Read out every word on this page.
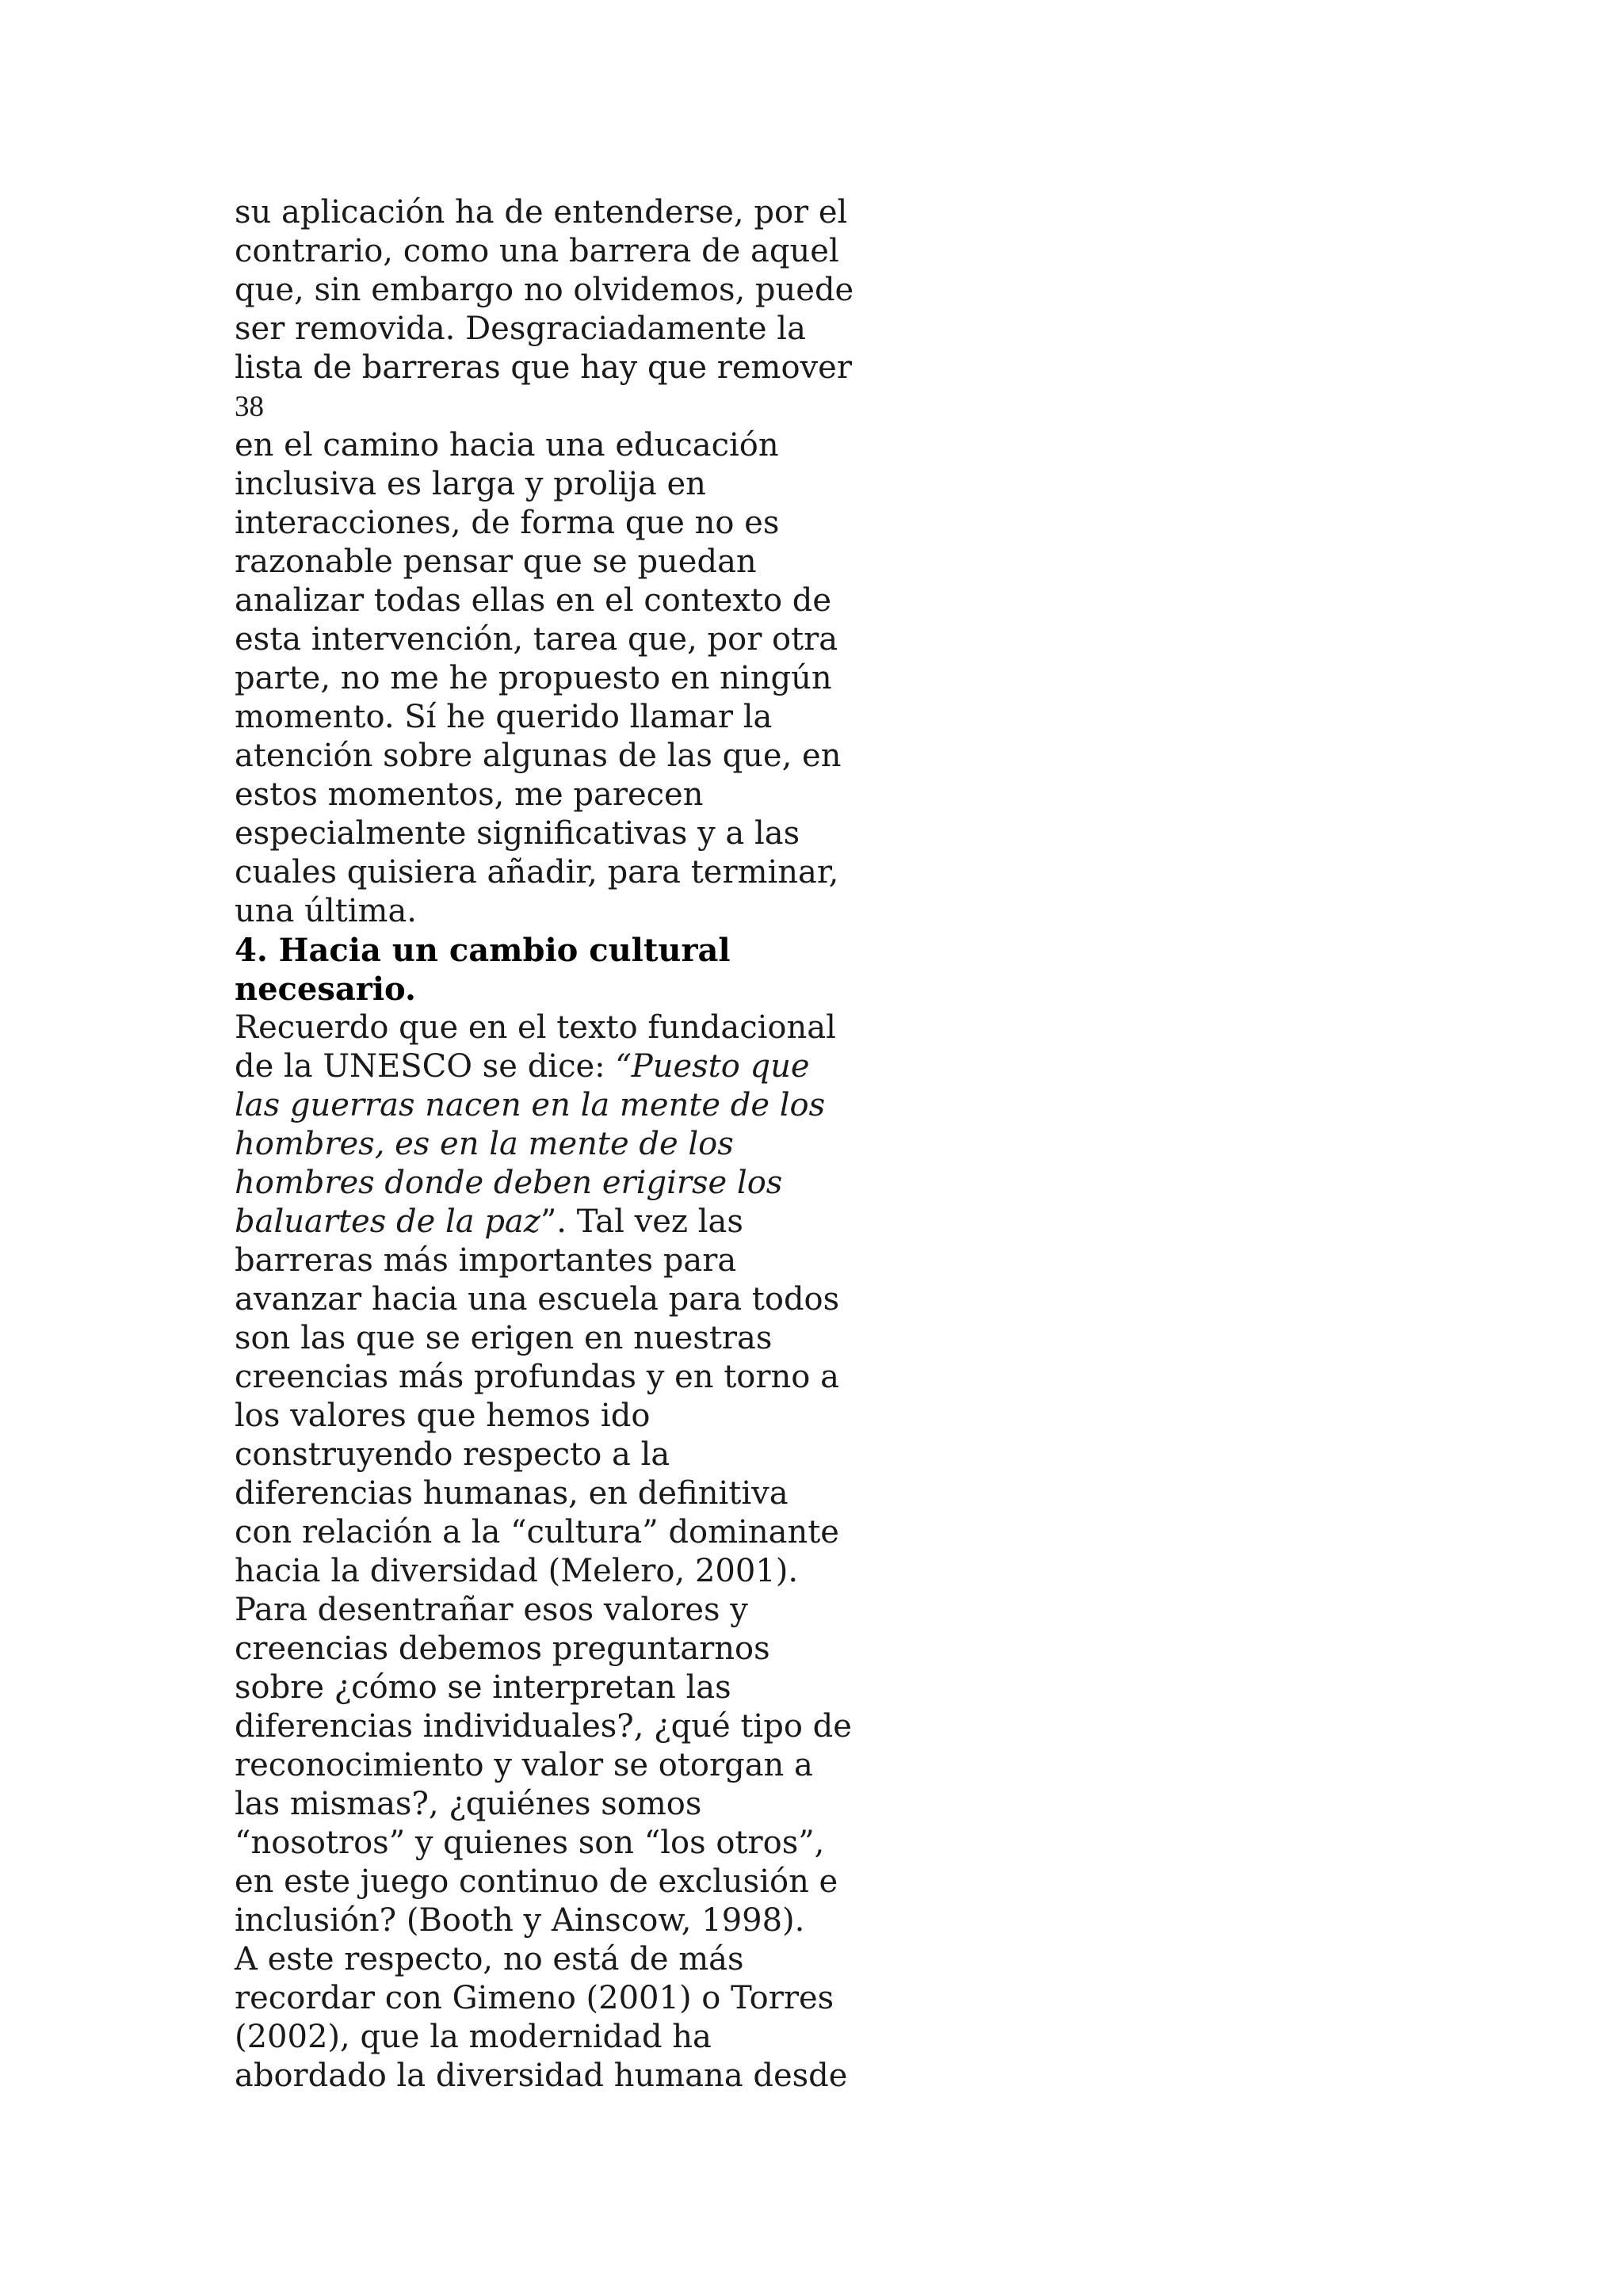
su aplicación ha de entenderse, por el
contrario, como una barrera de aquel
que, sin embargo no olvidemos, puede
ser removida. Desgraciadamente la
lista de barreras que hay que remover
38
en el camino hacia una educación
inclusiva es larga y prolija en
interacciones, de forma que no es
razonable pensar que se puedan
analizar todas ellas en el contexto de
esta intervención, tarea que, por otra
parte, no me he propuesto en ningún
momento. Sí he querido llamar la
atención sobre algunas de las que, en
estos momentos, me parecen
especialmente significativas y a las
cuales quisiera añadir, para terminar,
una última.
4. Hacia un cambio cultural
necesario.
Recuerdo que en el texto fundacional
de la UNESCO se dice: “Puesto que
las guerras nacen en la mente de los
hombres, es en la mente de los
hombres donde deben erigirse los
baluartes de la paz”. Tal vez las
barreras más importantes para
avanzar hacia una escuela para todos
son las que se erigen en nuestras
creencias más profundas y en torno a
los valores que hemos ido
construyendo respecto a la
diferencias humanas, en definitiva
con relación a la “cultura” dominante
hacia la diversidad (Melero, 2001).
Para desentrañar esos valores y
creencias debemos preguntarnos
sobre ¿cómo se interpretan las
diferencias individuales?, ¿qué tipo de
reconocimiento y valor se otorgan a
las mismas?, ¿quiénes somos
“nosotros” y quienes son “los otros”,
en este juego continuo de exclusión e
inclusión? (Booth y Ainscow, 1998).
A este respecto, no está de más
recordar con Gimeno (2001) o Torres
(2002), que la modernidad ha
abordado la diversidad humana desde
